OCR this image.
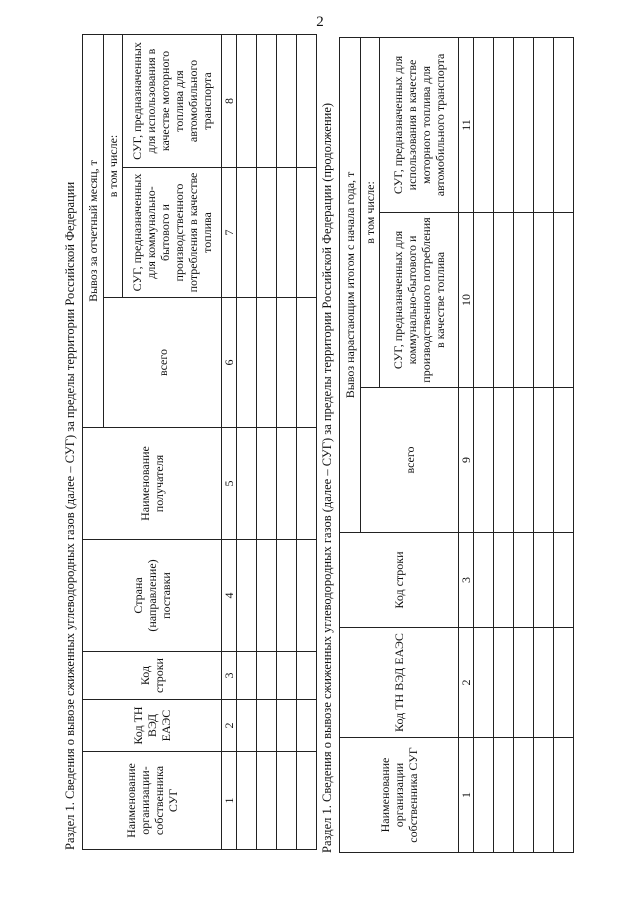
2
Раздел 1. Сведения о вывозе сжиженных углеводородных газов (далее – СУГ) за пределы территории Российской Федерации	Наименование организации-собственника СУГ	Код ТН ВЭД ЕАЭС	Код строки	Страна (направление) поставки	Наименование получателя	Вывоз за отчетный месяц, т		
					всего	в том числе:	
						СУГ, предназначенных для коммунально-бытового и производственного потребления в качестве топлива	СУГ, предназначенных для использования в качестве моторного топлива для автомобильного транспорта
1	2	3	4	5	6	7	8

Раздел 1. Сведения о вывозе сжиженных углеводородных газов (далее – СУГ) за пределы территории Российской Федерации (продолжение)	Наименование организации собственника СУГ	Код ТН ВЭД ЕАЭС	Код строки	Вывоз нарастающим итогом с начала года, т		
			всего	в том числе:	
				СУГ, предназначенных для коммунально-бытового и производственного потребления в качестве топлива	СУГ, предназначенных для использования в качестве моторного топлива для автомобильного транспорта
1	2	3	9	10	11
